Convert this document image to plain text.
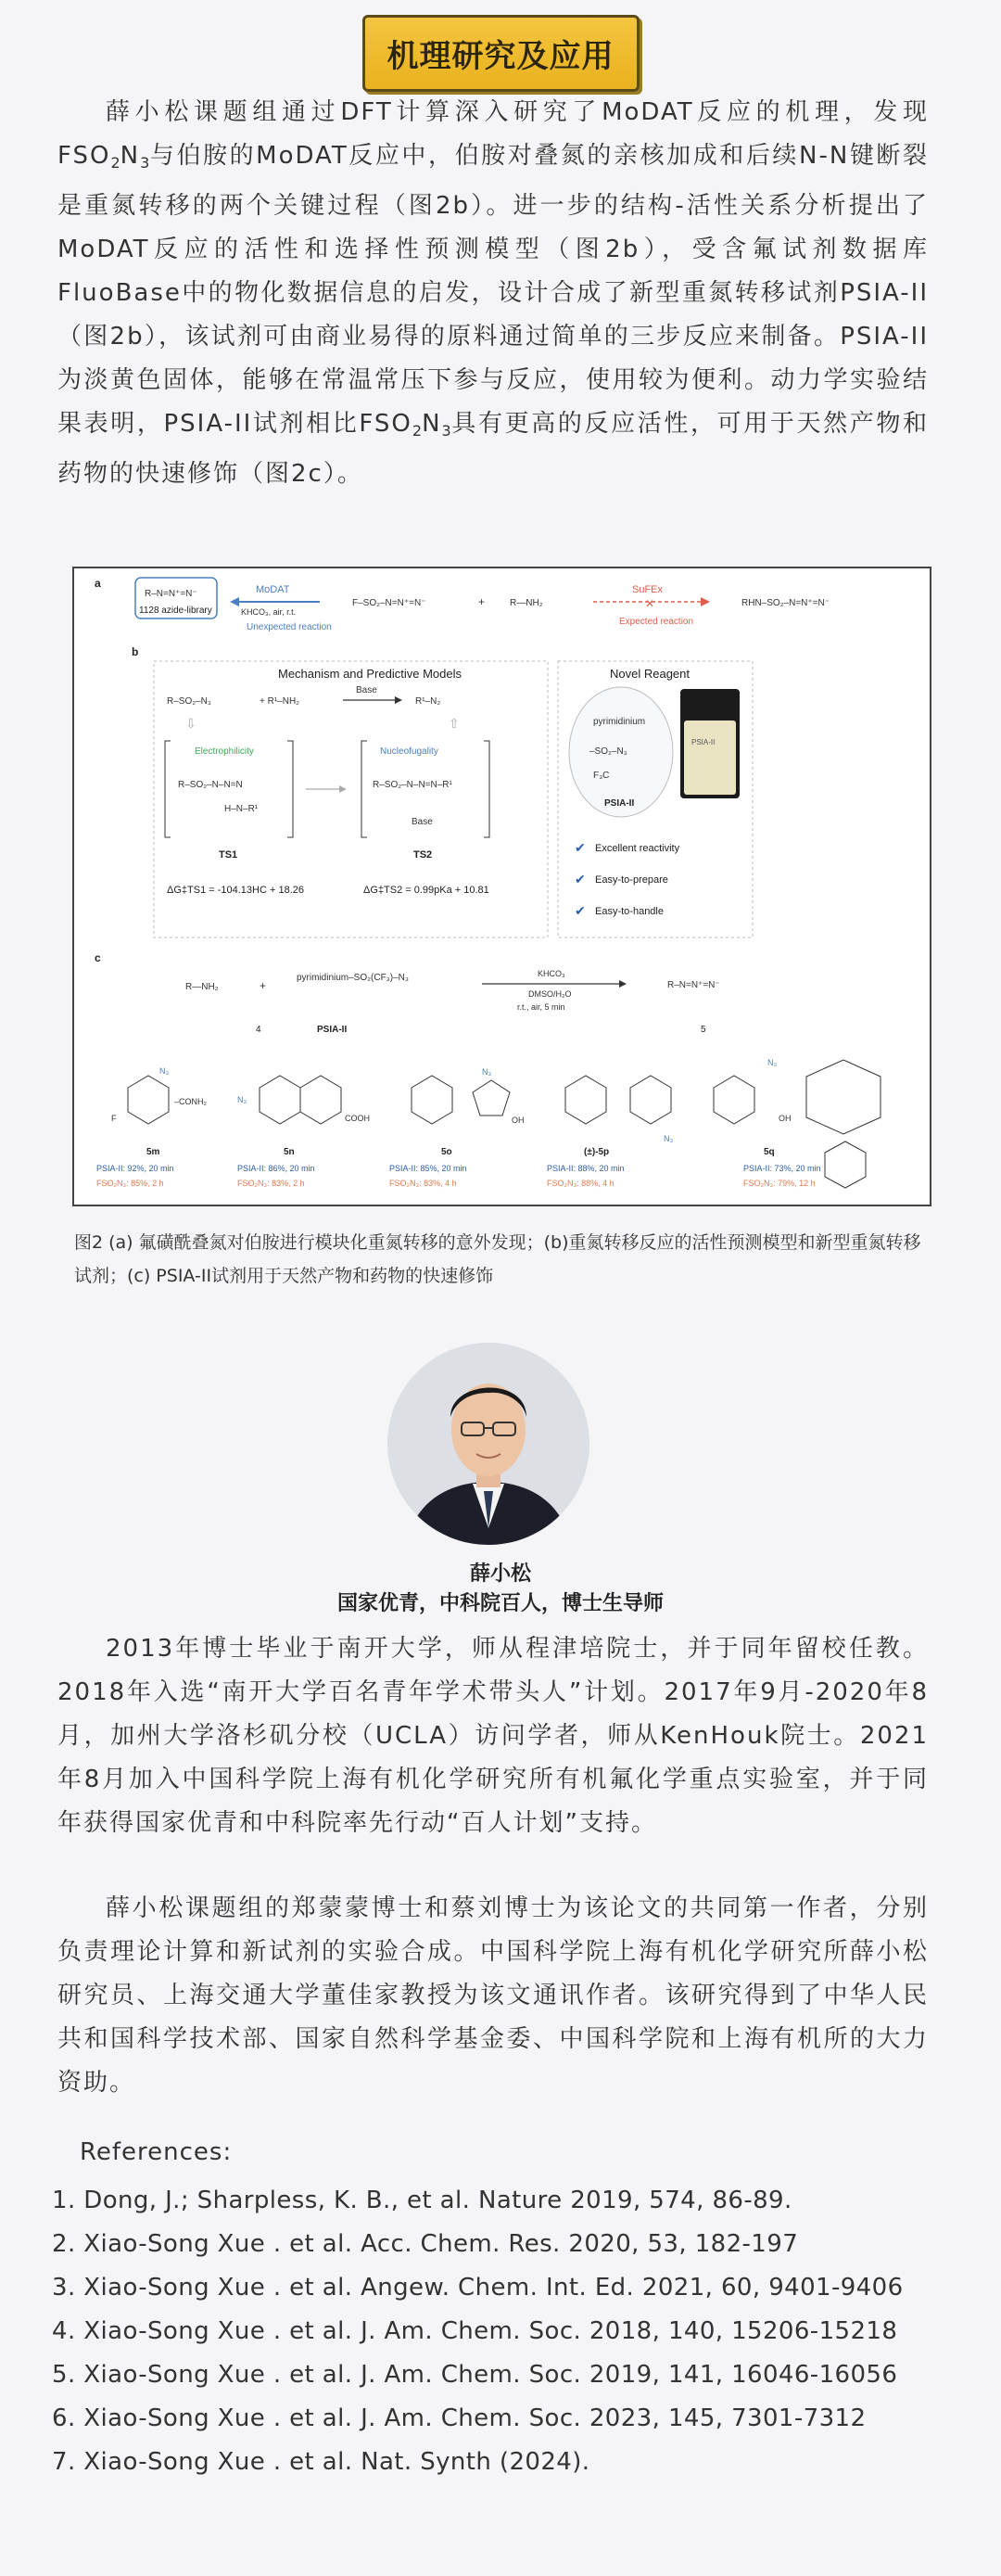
机理研究及应用

薛小松课题组通过DFT计算深入研究了MoDAT反应的机理，发现$FSO_2N_3$与伯胺的MoDAT反应中，伯胺对叠氮的亲核加成和后续N-N键断裂是重氮转移的两个关键过程（图2b）。进一步的结构-活性关系分析提出了MoDAT反应的活性和选择性预测模型（图2b），受含氟试剂数据库FluoBase中的物化数据信息的启发，设计合成了新型重氮转移试剂PSIA-II（图2b），该试剂可由商业易得的原料通过简单的三步反应来制备。PSIA-II为淡黄色固体，能够在常温常压下参与反应，使用较为便利。动力学实验结果表明，PSIA-II试剂相比$FSO_2N_3$具有更高的反应活性，可用于天然产物和药物的快速修饰（图2c）。

a
R‒N=N⁺=N⁻
1128 azide-library
MoDAT
KHCO₃, air, r.t.
Unexpected reaction
F‒SO₂‒N=N⁺=N⁻	+	R—NH₂
SuFEx
✕
Expected reaction
RHN‒SO₂‒N=N⁺=N⁻
b
Mechanism and Predictive Models
R‒SO₂‒N₃	+ R¹‒NH₂
Base
R¹‒N₂
⇩	⇧
Electrophilicity
R‒SO₂‒N‒N=N
H‒N‒R¹
TS1
Nucleofugality
R‒SO₂‒N‒N=N‒R¹
Base
TS2
ΔG‡TS1 = -104.13HC + 18.26	ΔG‡TS2 = 0.99pKa + 10.81
Novel Reagent
pyrimidinium
‒SO₂‒N₃
F₃C
PSIA-II
PSIA-II
✔ Excellent reactivity
✔ Easy-to-prepare
✔ Easy-to-handle
c
R—NH₂	+
pyrimidinium‒SO₂(CF₃)‒N₃
4	PSIA-II
KHCO₃
DMSO/H₂O
r.t., air, 5 min
R‒N=N⁺=N⁻
5
N₃
‒CONH₂
F
N₃
COOH
N₃
OH
N₃
N₃
OH
5m
PSIA-II: 92%, 20 min
FSO₂N₃: 85%, 2 h
5n
PSIA-II: 86%, 20 min
FSO₂N₃: 83%, 2 h
5o
PSIA-II: 85%, 20 min
FSO₂N₃: 83%, 4 h
(±)-5p
PSIA-II: 88%, 20 min
FSO₂N₃: 88%, 4 h
5q
PSIA-II: 73%, 20 min
FSO₂N₃: 79%, 12 h

图2 (a) 氟磺酰叠氮对伯胺进行模块化重氮转移的意外发现；(b)重氮转移反应的活性预测模型和新型重氮转移试剂；(c) PSIA-II试剂用于天然产物和药物的快速修饰

薛小松
国家优青，中科院百人，博士生导师

2013年博士毕业于南开大学，师从程津培院士，并于同年留校任教。2018年入选“南开大学百名青年学术带头人”计划。2017年9月-2020年8月，加州大学洛杉矶分校（UCLA）访问学者，师从KenHouk院士。2021年8月加入中国科学院上海有机化学研究所有机氟化学重点实验室，并于同年获得国家优青和中科院率先行动“百人计划”支持。

薛小松课题组的郑蒙蒙博士和蔡刘博士为该论文的共同第一作者，分别负责理论计算和新试剂的实验合成。中国科学院上海有机化学研究所薛小松研究员、上海交通大学董佳家教授为该文通讯作者。该研究得到了中华人民共和国科学技术部、国家自然科学基金委、中国科学院和上海有机所的大力资助。

References:
1. Dong, J.; Sharpless, K. B., et al. Nature 2019, 574, 86-89.
2. Xiao-Song Xue . et al. Acc. Chem. Res. 2020, 53, 182-197
3. Xiao-Song Xue . et al. Angew. Chem. Int. Ed. 2021, 60, 9401-9406
4. Xiao-Song Xue . et al. J. Am. Chem. Soc. 2018, 140, 15206-15218
5. Xiao-Song Xue . et al. J. Am. Chem. Soc. 2019, 141, 16046-16056
6. Xiao-Song Xue . et al. J. Am. Chem. Soc. 2023, 145, 7301-7312
7. Xiao-Song Xue . et al. Nat. Synth (2024).
